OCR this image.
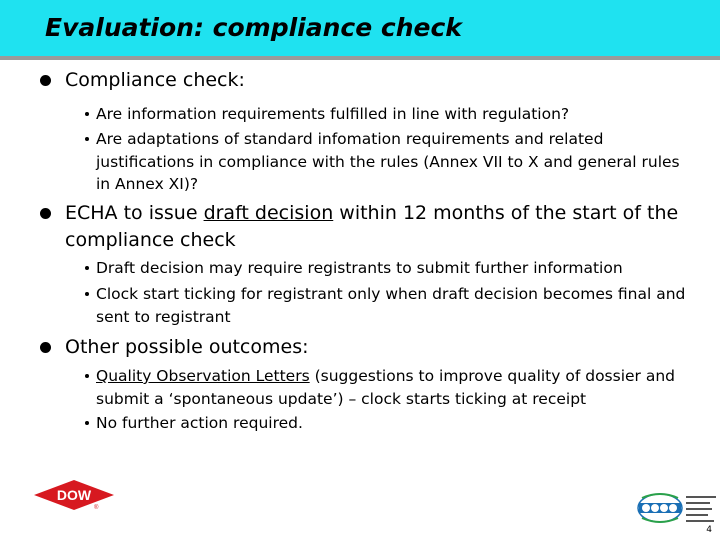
Evaluation: compliance check
Compliance check:
Are information requirements fulfilled in line with regulation?
Are adaptations of standard infomation requirements and related justifications in compliance with the rules (Annex VII to X and general rules in Annex XI)?
ECHA to issue draft decision within 12 months of the start of the compliance check
Draft decision may require registrants to submit further information
Clock start ticking for registrant only when draft decision becomes final and sent to registrant
Other possible outcomes:
Quality Observation Letters (suggestions to improve quality of dossier and submit a ‘spontaneous update’) – clock starts ticking at receipt
No further action required.
DOW
®
4
